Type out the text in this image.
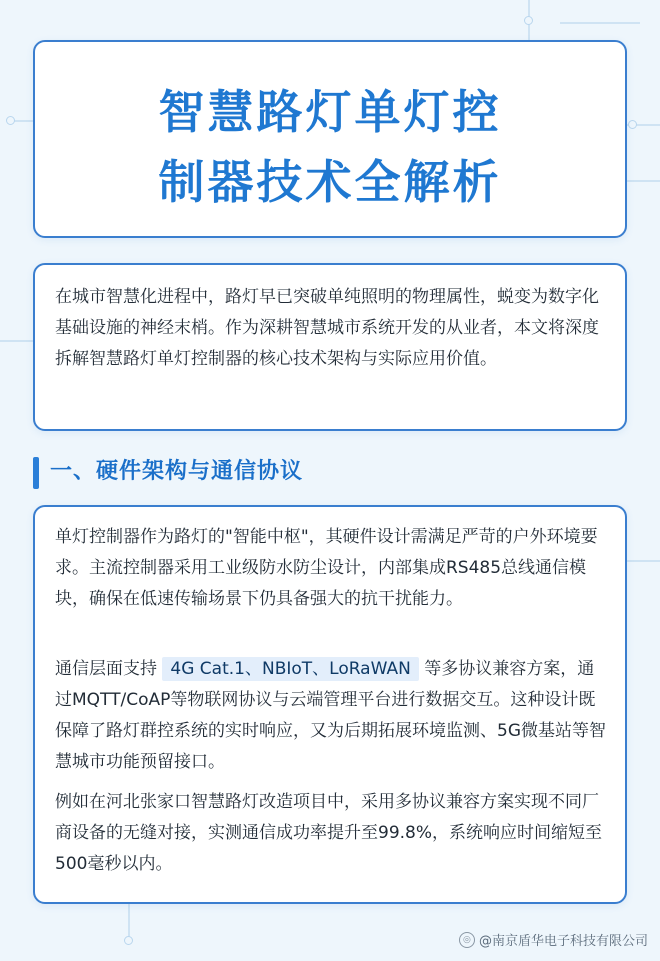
智慧路灯单灯控
制器技术全解析
在城市智慧化进程中，路灯早已突破单纯照明的物理属性，蜕变为数字化基础设施的神经末梢。作为深耕智慧城市系统开发的从业者，本文将深度拆解智慧路灯单灯控制器的核心技术架构与实际应用价值。
一、硬件架构与通信协议
单灯控制器作为路灯的"智能中枢"，其硬件设计需满足严苛的户外环境要求。主流控制器采用工业级防水防尘设计，内部集成RS485总线通信模块，确保在低速传输场景下仍具备强大的抗干扰能力。
通信层面支持 4G Cat.1、NBIoT、LoRaWAN 等多协议兼容方案，通过MQTT/CoAP等物联网协议与云端管理平台进行数据交互。这种设计既保障了路灯群控系统的实时响应，又为后期拓展环境监测、5G微基站等智慧城市功能预留接口。
例如在河北张家口智慧路灯改造项目中，采用多协议兼容方案实现不同厂商设备的无缝对接，实测通信成功率提升至99.8%，系统响应时间缩短至500毫秒以内。
◎ @南京盾华电子科技有限公司
